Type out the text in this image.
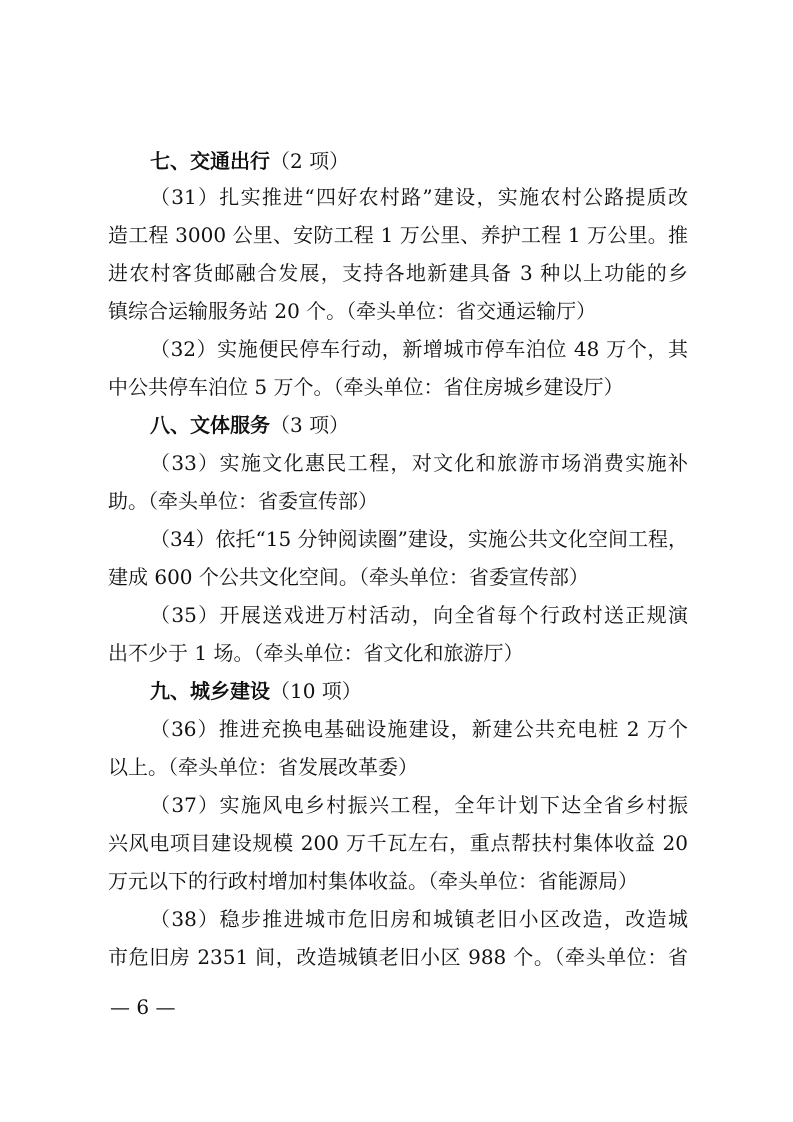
七、交通出行（2 项）
（31）扎实推进“四好农村路”建设，实施农村公路提质改
造工程 3000 公里、安防工程 1 万公里、养护工程 1 万公里。推
进农村客货邮融合发展，支持各地新建具备 3 种以上功能的乡
镇综合运输服务站 20 个。（牵头单位：省交通运输厅）
（32）实施便民停车行动，新增城市停车泊位 48 万个，其
中公共停车泊位 5 万个。（牵头单位：省住房城乡建设厅）
八、文体服务（3 项）
（33）实施文化惠民工程，对文化和旅游市场消费实施补
助。（牵头单位：省委宣传部）
（34）依托“15 分钟阅读圈”建设，实施公共文化空间工程，
建成 600 个公共文化空间。（牵头单位：省委宣传部）
（35）开展送戏进万村活动，向全省每个行政村送正规演
出不少于 1 场。（牵头单位：省文化和旅游厅）
九、城乡建设（10 项）
（36）推进充换电基础设施建设，新建公共充电桩 2 万个
以上。（牵头单位：省发展改革委）
（37）实施风电乡村振兴工程，全年计划下达全省乡村振
兴风电项目建设规模 200 万千瓦左右，重点帮扶村集体收益 20
万元以下的行政村增加村集体收益。（牵头单位：省能源局）
（38）稳步推进城市危旧房和城镇老旧小区改造，改造城
市危旧房 2351 间，改造城镇老旧小区 988 个。（牵头单位：省
— 6 —
